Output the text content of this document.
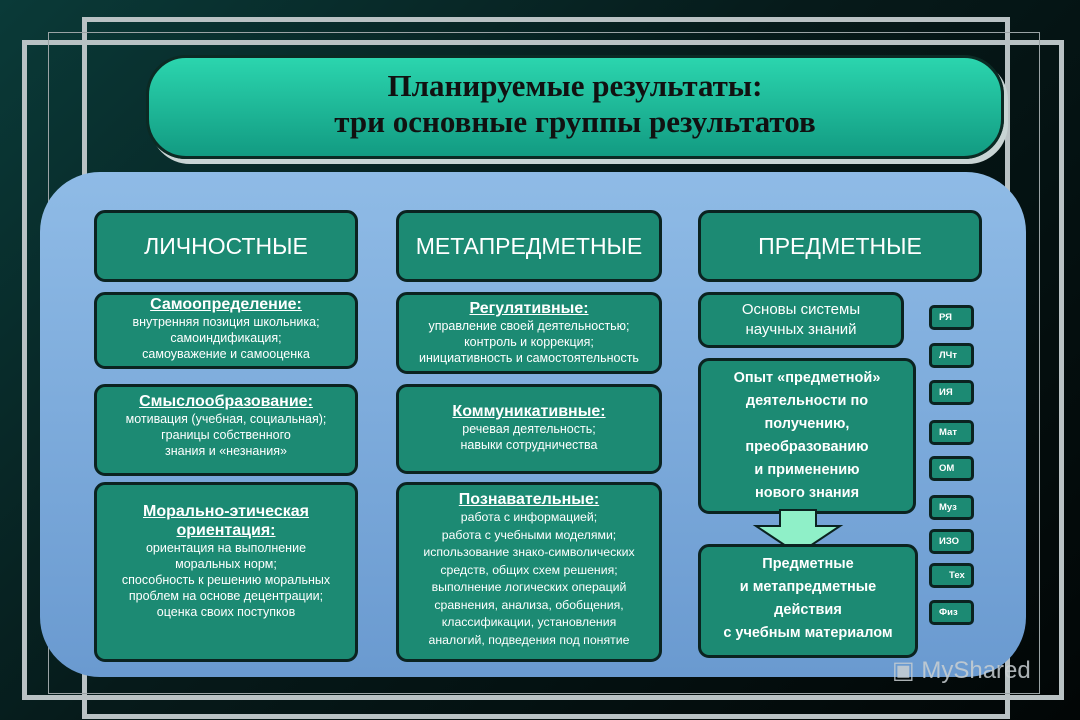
Планируемые результаты:
три основные группы результатов
ЛИЧНОСТНЫЕ	МЕТАПРЕДМЕТНЫЕ	ПРЕДМЕТНЫЕ
Самоопределение:
внутренняя позиция школьника;
самоиндификация;
самоуважение и самооценка
Смыслообразование:
мотивация (учебная, социальная);
границы собственного
знания и «незнания»
Морально-этическая
ориентация:
ориентация на выполнение
моральных норм;
способность к решению моральных
проблем на основе децентрации;
оценка своих поступков
Регулятивные:
управление своей деятельностью;
контроль и коррекция;
инициативность и самостоятельность
Коммуникативные:
речевая деятельность;
навыки сотрудничества
Познавательные:
работа с информацией;
работа с учебными моделями;
использование знако-символических
средств, общих схем решения;
выполнение логических операций
сравнения, анализа, обобщения,
классификации, установления
аналогий, подведения под понятие
Основы системы
научных знаний
Опыт «предметной»
деятельности по
получению,
преобразованию
и применению
нового знания
Предметные
и метапредметные
действия
с учебным материалом
РЯ
ЛЧт
ИЯ
Мат
ОМ
Муз
ИЗО
Тех
Физ
▣ MyShared
